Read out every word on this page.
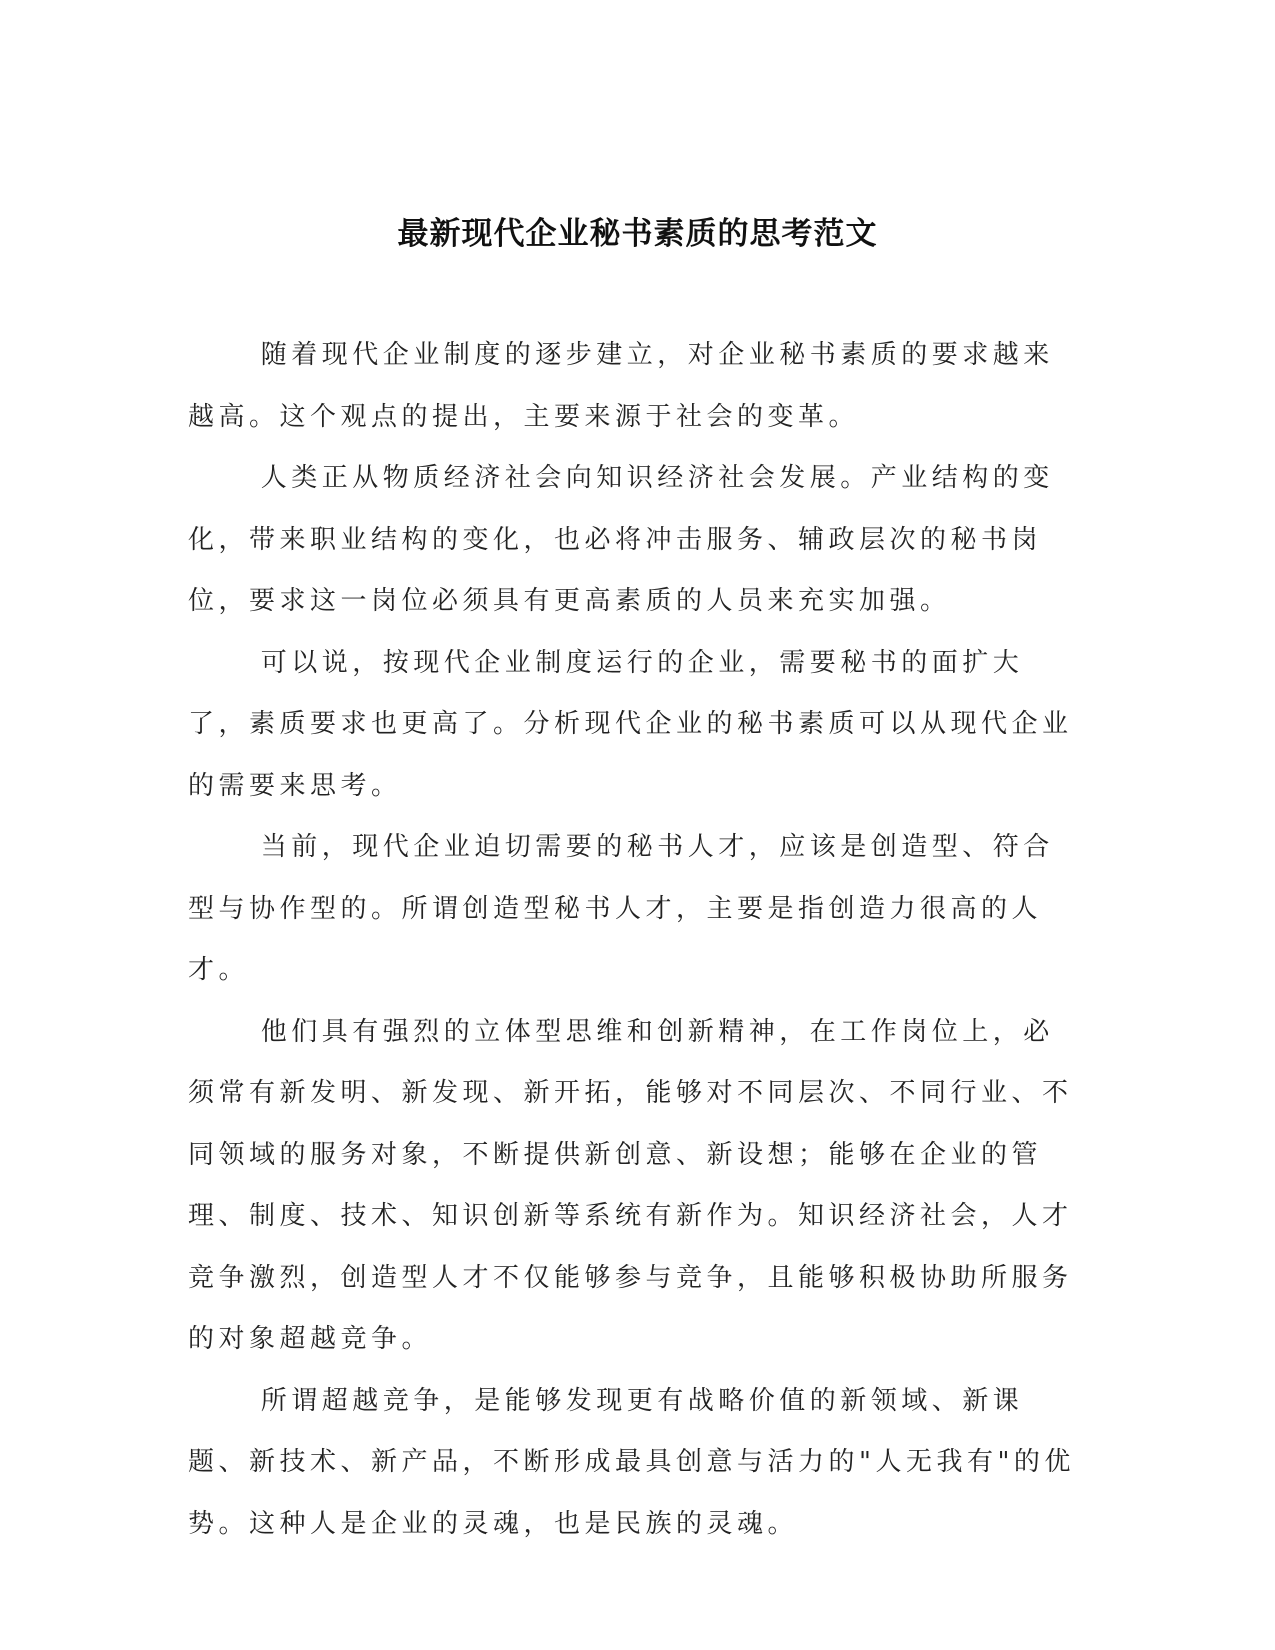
最新现代企业秘书素质的思考范文

随着现代企业制度的逐步建立，对企业秘书素质的要求越来越高。这个观点的提出，主要来源于社会的变革。

人类正从物质经济社会向知识经济社会发展。产业结构的变化，带来职业结构的变化，也必将冲击服务、辅政层次的秘书岗位，要求这一岗位必须具有更高素质的人员来充实加强。

可以说，按现代企业制度运行的企业，需要秘书的面扩大了，素质要求也更高了。分析现代企业的秘书素质可以从现代企业的需要来思考。

当前，现代企业迫切需要的秘书人才，应该是创造型、符合型与协作型的。所谓创造型秘书人才，主要是指创造力很高的人才。

他们具有强烈的立体型思维和创新精神，在工作岗位上，必须常有新发明、新发现、新开拓，能够对不同层次、不同行业、不同领域的服务对象，不断提供新创意、新设想；能够在企业的管理、制度、技术、知识创新等系统有新作为。知识经济社会，人才竞争激烈，创造型人才不仅能够参与竞争，且能够积极协助所服务的对象超越竞争。

所谓超越竞争，是能够发现更有战略价值的新领域、新课题、新技术、新产品，不断形成最具创意与活力的"人无我有"的优势。这种人是企业的灵魂，也是民族的灵魂。
